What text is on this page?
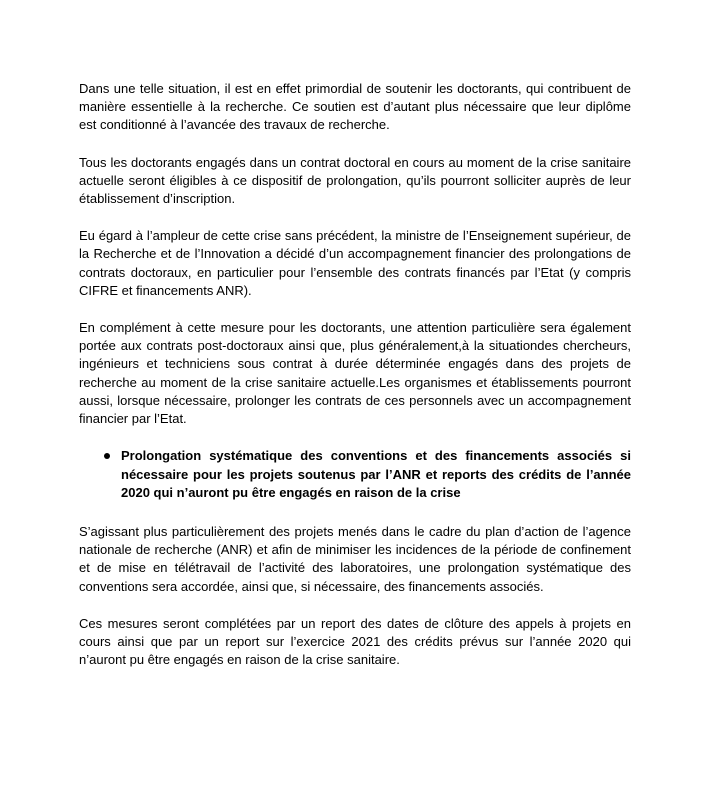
Dans une telle situation, il est en effet primordial de soutenir les doctorants, qui contribuent de manière essentielle à la recherche. Ce soutien est d’autant plus nécessaire que leur diplôme est conditionné à l’avancée des travaux de recherche.

Tous les doctorants engagés dans un contrat doctoral en cours au moment de la crise sanitaire actuelle seront éligibles à ce dispositif de prolongation, qu’ils pourront solliciter auprès de leur établissement d’inscription.

Eu égard à l’ampleur de cette crise sans précédent, la ministre de l’Enseignement supérieur, de la Recherche et de l’Innovation a décidé d’un accompagnement financier des prolongations de contrats doctoraux, en particulier pour l’ensemble des contrats financés par l’Etat (y compris CIFRE et financements ANR).

En complément à cette mesure pour les doctorants, une attention particulière sera également portée aux contrats post-doctoraux ainsi que, plus généralement,à la situationdes chercheurs, ingénieurs et techniciens sous contrat à durée déterminée engagés dans des projets de recherche au moment de la crise sanitaire actuelle.Les organismes et établissements pourront aussi, lorsque nécessaire, prolonger les contrats de ces personnels avec un accompagnement financier par l’Etat.

Prolongation systématique des conventions et des financements associés si nécessaire pour les projets soutenus par l’ANR et reports des crédits de l’année 2020 qui n’auront pu être engagés en raison de la crise

S’agissant plus particulièrement des projets menés dans le cadre du plan d’action de l’agence nationale de recherche (ANR) et afin de minimiser les incidences de la période de confinement et de mise en télétravail de l’activité des laboratoires, une prolongation systématique des conventions sera accordée, ainsi que, si nécessaire, des financements associés.

Ces mesures seront complétées par un report des dates de clôture des appels à projets en cours ainsi que par un report sur l’exercice 2021 des crédits prévus sur l’année 2020 qui n’auront pu être engagés en raison de la crise sanitaire.
